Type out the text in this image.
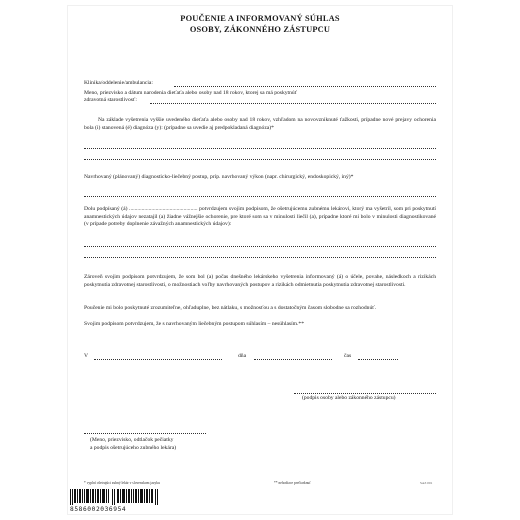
POUČENIE A INFORMOVANÝ SÚHLAS
OSOBY, ZÁKONNÉHO ZÁSTUPCU
Klinika/oddelenie/ambulancia:
Meno, priezvisko a dátum narodenia dieťaťa alebo osoby nad 18 rokov, ktorej sa má poskytnúť
zdravotná starostlivosť:
Na základe vyšetrenia vyššie uvedeného dieťaťa alebo osoby nad 18 rokov, vzhľadom na novovzniknuté ťažkosti, prípadne nové prejavy ochorenia bola (i) stanovená (é) diagnóza (y): (prípadne sa uvedie aj predpokladaná diagnóza)*
Navrhovaný (plánovaný) diagnosticko-liečebný postup, príp. navrhovaný výkon (napr. chirurgický, endoskopický, iný)*
Dolu podpísaný (á) ................................................. potvrdzujem svojim podpisom, že ošetrujúcemu zubnému lekárovi, ktorý ma vyšetril, som pri poskytnutí anamnestických údajov nezatajil (a) žiadne vážnejšie ochorenie, pre ktoré som sa v minulosti liečil (a), prípadne ktoré mi bolo v minulosti diagnostikované (v prípade potreby doplnenie závažných anamnestických údajov):
Zároveň svojim podpisom potvrdzujem, že som bol (a) počas dnešného lekárskeho vyšetrenia informovaný (á) o účele, povahe, následkoch a rizikách poskytnutia zdravotnej starostlivosti, o možnostiach voľby navrhovaných postupov a rizikách odmietnutia poskytnutia zdravotnej starostlivosti.
Poučenie mi bolo poskytnuté zrozumiteľne, ohľaduplne, bez nátlaku, s možnosťou a s dostatočným časom slobodne sa rozhodnúť.
Svojim podpisom potvrdzujem, že s navrhovaným liečebným postupom súhlasím – nesúhlasím.**
V	dňa	čas
(podpis osoby alebo zákonného zástupcu)
(Meno, priezvisko, odtlačok pečiatky
a podpis ošetrujúceho zubného lekára)
* vyplní ošetrujúci zubný lekár v slovenskom jazyku	** nehodiace prečiarknuť	SAZ 001
8586002036954
